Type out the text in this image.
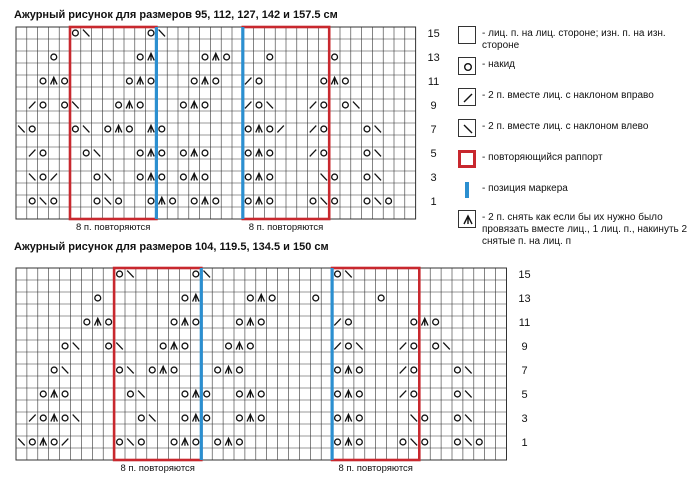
Ажурный рисунок для размеров 95, 112, 127, 142 и 157.5 см
8 п. повторяются	8 п. повторяются
15
13
11
9
7
5
3
1
Ажурный рисунок для размеров 104, 119.5, 134.5 и 150 см
8 п. повторяются	8 п. повторяются
15
13
11
9
7
5
3
1
- лиц. п. на лиц. стороне; изн. п. на изн. стороне
- накид
- 2 п. вместе лиц. с наклоном вправо
- 2 п. вместе лиц. с наклоном влево
- повторяющийся раппорт
- позиция маркера
- 2 п. снять как если бы их нужно было провязать вместе лиц., 1 лиц. п., накинуть 2 снятые п. на лиц. п
